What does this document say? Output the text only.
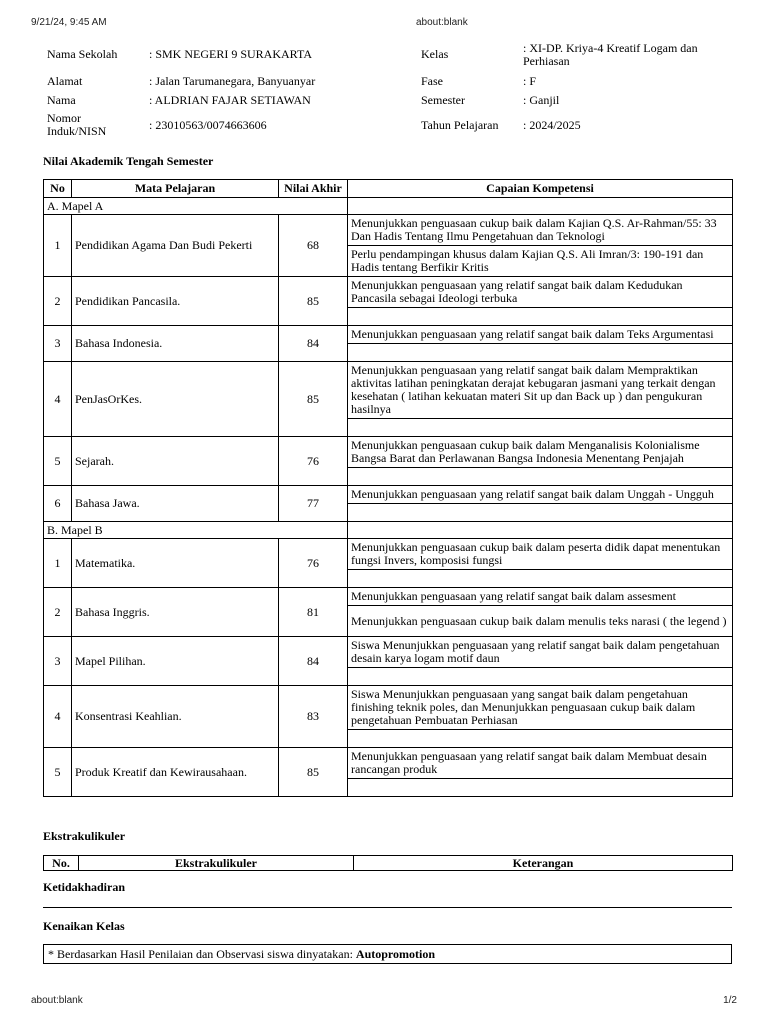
9/21/24, 9:45 AM	about:blank
Nama Sekolah	: SMK NEGERI 9 SURAKARTA	Kelas	: XI-DP. Kriya-4 Kreatif Logam dan Perhiasan
Alamat	: Jalan Tarumanegara, Banyuanyar	Fase	: F
Nama	: ALDRIAN FAJAR SETIAWAN	Semester	: Ganjil
Nomor Induk/NISN	: 23010563/0074663606	Tahun Pelajaran	: 2024/2025
Nilai Akademik Tengah Semester
No	Mata Pelajaran	Nilai Akhir	Capaian Kompetensi
A. Mapel A			
1	Pendidikan Agama Dan Budi Pekerti	68	Menunjukkan penguasaan cukup baik dalam Kajian Q.S. Ar-Rahman/55: 33 Dan Hadis Tentang Ilmu Pengetahuan dan Teknologi
			Perlu pendampingan khusus dalam Kajian Q.S. Ali Imran/3: 190-191 dan Hadis tentang Berfikir Kritis
2	Pendidikan Pancasila.	85	Menunjukkan penguasaan yang relatif sangat baik dalam Kedudukan Pancasila sebagai Ideologi terbuka

3	Bahasa Indonesia.	84	Menunjukkan penguasaan yang relatif sangat baik dalam Teks Argumentasi

4	PenJasOrKes.	85	Menunjukkan penguasaan yang relatif sangat baik dalam Mempraktikan aktivitas latihan peningkatan derajat kebugaran jasmani yang terkait dengan kesehatan ( latihan kekuatan materi Sit up dan Back up ) dan pengukuran hasilnya

5	Sejarah.	76	Menunjukkan penguasaan cukup baik dalam Menganalisis Kolonialisme Bangsa Barat dan Perlawanan Bangsa Indonesia Menentang Penjajah

6	Bahasa Jawa.	77	Menunjukkan penguasaan yang relatif sangat baik dalam Unggah - Ungguh

B. Mapel B			
1	Matematika.	76	Menunjukkan penguasaan cukup baik dalam peserta didik dapat menentukan fungsi Invers, komposisi fungsi

2	Bahasa Inggris.	81	Menunjukkan penguasaan yang relatif sangat baik dalam assesment
			Menunjukkan penguasaan cukup baik dalam menulis teks narasi ( the legend )
3	Mapel Pilihan.	84	Siswa Menunjukkan penguasaan yang relatif sangat baik dalam pengetahuan desain karya logam motif daun

4	Konsentrasi Keahlian.	83	Siswa Menunjukkan penguasaan yang sangat baik dalam pengetahuan finishing teknik poles, dan Menunjukkan penguasaan cukup baik dalam pengetahuan Pembuatan Perhiasan

5	Produk Kreatif dan Kewirausahaan.	85	Menunjukkan penguasaan yang relatif sangat baik dalam Membuat desain rancangan produk

Ekstrakulikuler
No.	Ekstrakulikuler	Keterangan
Ketidakhadiran
Kenaikan Kelas
* Berdasarkan Hasil Penilaian dan Observasi siswa dinyatakan: Autopromotion
about:blank	1/2
